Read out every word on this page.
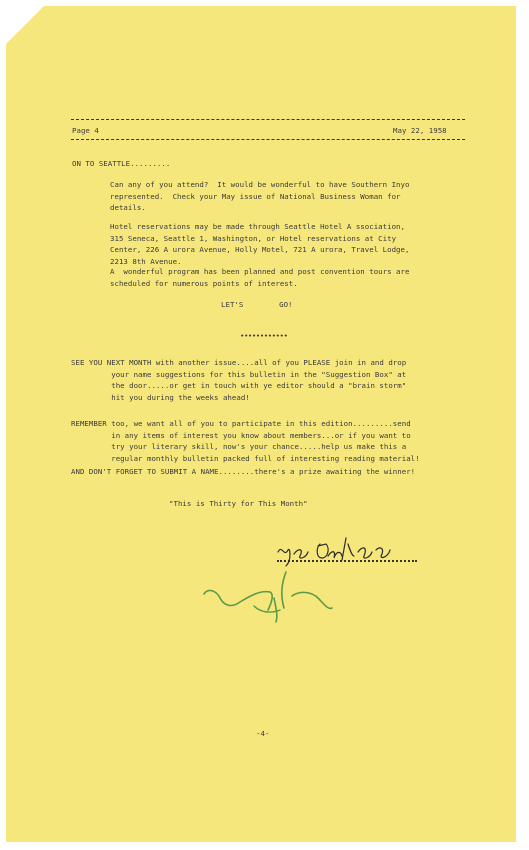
Page 4	May 22, 1958
ON TO SEATTLE.........
Can any of you attend?  It would be wonderful to have Southern Inyo
represented.  Check your May issue of National Business Woman for
details.
Hotel reservations may be made through Seattle Hotel A ssociation,
315 Seneca, Seattle 1, Washington, or Hotel reservations at City
Center, 226 A urora Avenue, Holly Motel, 721 A urora, Travel Lodge,
2213 8th Avenue.
A  wonderful program has been planned and post convention tours are
scheduled for numerous points of interest.
LET'S        GO!
••••••••••••
SEE YOU NEXT MONTH with another issue....all of you PLEASE join in and drop
your name suggestions for this bulletin in the "Suggestion Box" at
the door.....or get in touch with ye editor should a "brain storm"
hit you during the weeks ahead!
REMEMBER too, we want all of you to participate in this edition.........send
in any items of interest you know about members...or if you want to
try your literary skill, now's your chance.....help us make this a
regular monthly bulletin packed full of interesting reading material!
AND DON'T FORGET TO SUBMIT A NAME........there's a prize awaiting the winner!
"This is Thirty for This Month"
-4-
